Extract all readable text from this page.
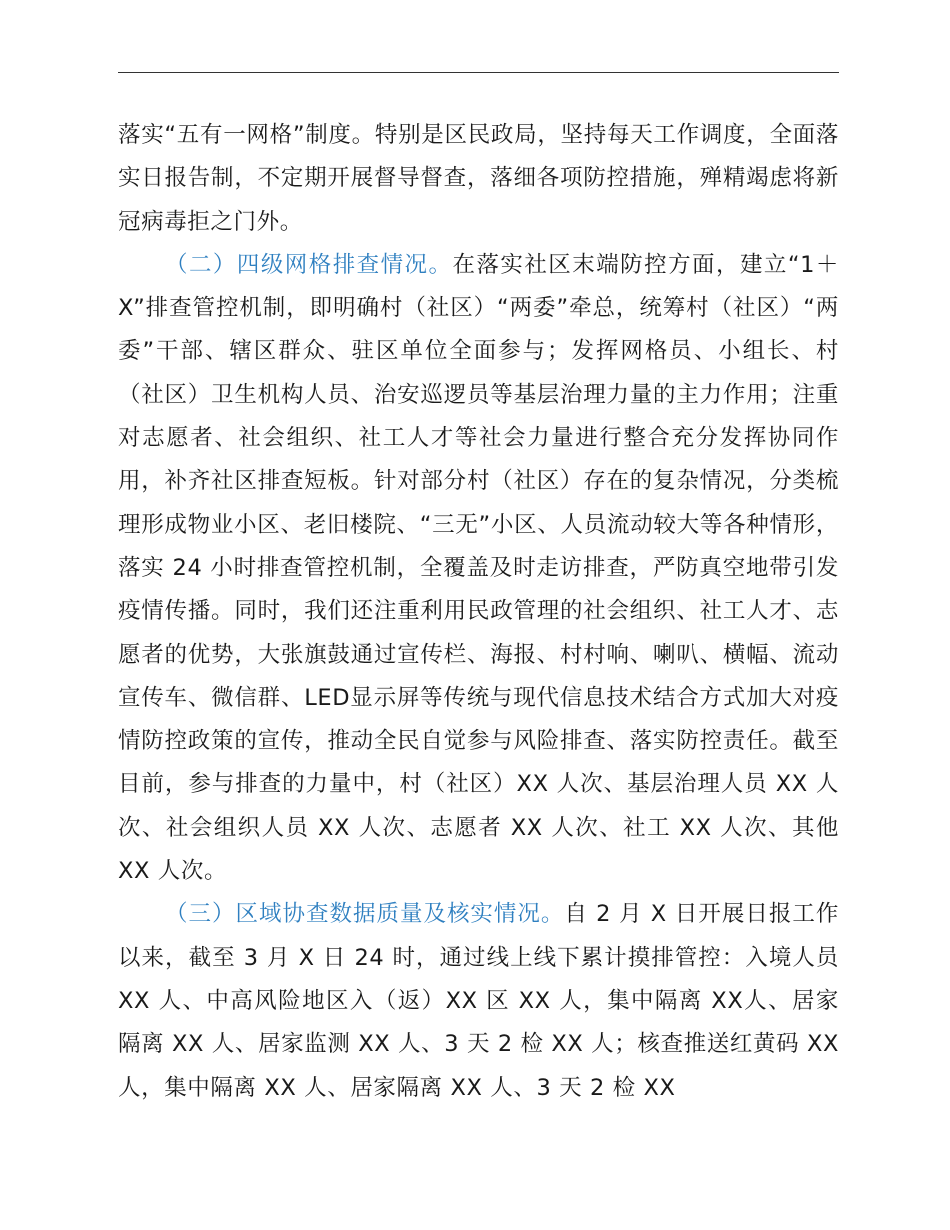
落实“五有一网格”制度。特别是区民政局，坚持每天工作调度，全面落实日报告制，不定期开展督导督查，落细各项防控措施，殚精竭虑将新冠病毒拒之门外。

（二）四级网格排查情况。在落实社区末端防控方面，建立“1＋X”排查管控机制，即明确村（社区）“两委”牵总，统筹村（社区）“两委”干部、辖区群众、驻区单位全面参与；发挥网格员、小组长、村（社区）卫生机构人员、治安巡逻员等基层治理力量的主力作用；注重对志愿者、社会组织、社工人才等社会力量进行整合充分发挥协同作用，补齐社区排查短板。针对部分村（社区）存在的复杂情况，分类梳理形成物业小区、老旧楼院、“三无”小区、人员流动较大等各种情形，落实 24 小时排查管控机制，全覆盖及时走访排查，严防真空地带引发疫情传播。同时，我们还注重利用民政管理的社会组织、社工人才、志愿者的优势，大张旗鼓通过宣传栏、海报、村村响、喇叭、横幅、流动宣传车、微信群、LED显示屏等传统与现代信息技术结合方式加大对疫情防控政策的宣传，推动全民自觉参与风险排查、落实防控责任。截至目前，参与排查的力量中，村（社区）XX 人次、基层治理人员 XX 人次、社会组织人员 XX 人次、志愿者 XX 人次、社工 XX 人次、其他 XX 人次。

（三）区域协查数据质量及核实情况。自 2 月 X 日开展日报工作以来，截至 3 月 X 日 24 时，通过线上线下累计摸排管控：入境人员 XX 人、中高风险地区入（返）XX 区 XX 人，集中隔离 XX人、居家隔离 XX 人、居家监测 XX 人、3 天 2 检 XX 人；核查推送红黄码 XX 人，集中隔离 XX 人、居家隔离 XX 人、3 天 2 检 XX
